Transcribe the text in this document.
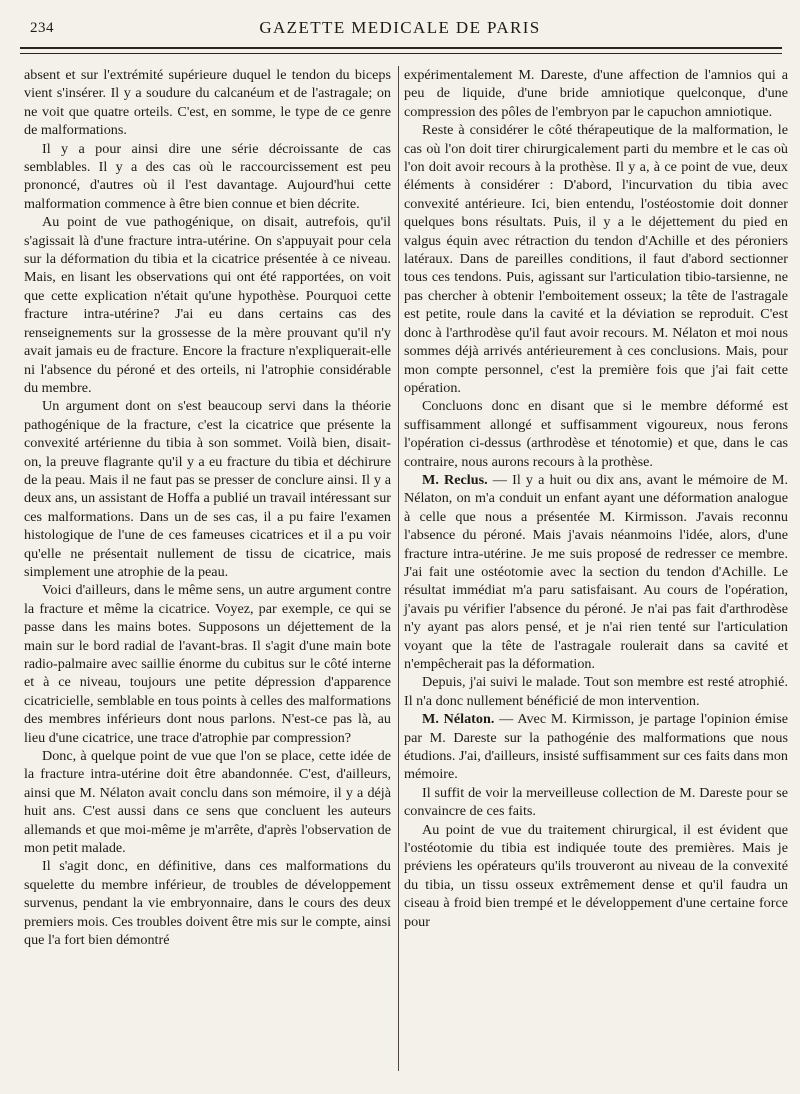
234	GAZETTE MEDICALE DE PARIS

absent et sur l'extrémité supérieure duquel le tendon du biceps vient s'insérer. Il y a soudure du calcanéum et de l'astragale; on ne voit que quatre orteils. C'est, en somme, le type de ce genre de malformations.

Il y a pour ainsi dire une série décroissante de cas semblables. Il y a des cas où le raccourcissement est peu prononcé, d'autres où il l'est davantage. Aujourd'hui cette malformation commence à être bien connue et bien décrite.

Au point de vue pathogénique, on disait, autrefois, qu'il s'agissait là d'une fracture intra-utérine. On s'appuyait pour cela sur la déformation du tibia et la cicatrice présentée à ce niveau. Mais, en lisant les observations qui ont été rapportées, on voit que cette explication n'était qu'une hypothèse. Pourquoi cette fracture intra-utérine? J'ai eu dans certains cas des renseignements sur la grossesse de la mère prouvant qu'il n'y avait jamais eu de fracture. Encore la fracture n'expliquerait-elle ni l'absence du péroné et des orteils, ni l'atrophie considérable du membre.

Un argument dont on s'est beaucoup servi dans la théorie pathogénique de la fracture, c'est la cicatrice que présente la convexité artérienne du tibia à son sommet. Voilà bien, disait-on, la preuve flagrante qu'il y a eu fracture du tibia et déchirure de la peau. Mais il ne faut pas se presser de conclure ainsi. Il y a deux ans, un assistant de Hoffa a publié un travail intéressant sur ces malformations. Dans un de ses cas, il a pu faire l'examen histologique de l'une de ces fameuses cicatrices et il a pu voir qu'elle ne présentait nullement de tissu de cicatrice, mais simplement une atrophie de la peau.

Voici d'ailleurs, dans le même sens, un autre argument contre la fracture et même la cicatrice. Voyez, par exemple, ce qui se passe dans les mains botes. Supposons un déjettement de la main sur le bord radial de l'avant-bras. Il s'agit d'une main bote radio-palmaire avec saillie énorme du cubitus sur le côté interne et à ce niveau, toujours une petite dépression d'apparence cicatricielle, semblable en tous points à celles des malformations des membres inférieurs dont nous parlons. N'est-ce pas là, au lieu d'une cicatrice, une trace d'atrophie par compression?

Donc, à quelque point de vue que l'on se place, cette idée de la fracture intra-utérine doit être abandonnée. C'est, d'ailleurs, ainsi que M. Nélaton avait conclu dans son mémoire, il y a déjà huit ans. C'est aussi dans ce sens que concluent les auteurs allemands et que moi-même je m'arrête, d'après l'observation de mon petit malade.

Il s'agit donc, en définitive, dans ces malformations du squelette du membre inférieur, de troubles de développement survenus, pendant la vie embryonnaire, dans le cours des deux premiers mois. Ces troubles doivent être mis sur le compte, ainsi que l'a fort bien démontré

expérimentalement M. Dareste, d'une affection de l'amnios qui a peu de liquide, d'une bride amniotique quelconque, d'une compression des pôles de l'embryon par le capuchon amniotique.

Reste à considérer le côté thérapeutique de la malformation, le cas où l'on doit tirer chirurgicalement parti du membre et le cas où l'on doit avoir recours à la prothèse. Il y a, à ce point de vue, deux éléments à considérer : D'abord, l'incurvation du tibia avec convexité antérieure. Ici, bien entendu, l'ostéostomie doit donner quelques bons résultats. Puis, il y a le déjettement du pied en valgus équin avec rétraction du tendon d'Achille et des péroniers latéraux. Dans de pareilles conditions, il faut d'abord sectionner tous ces tendons. Puis, agissant sur l'articulation tibio-tarsienne, ne pas chercher à obtenir l'emboitement osseux; la tête de l'astragale est petite, roule dans la cavité et la déviation se reproduit. C'est donc à l'arthrodèse qu'il faut avoir recours. M. Nélaton et moi nous sommes déjà arrivés antérieurement à ces conclusions. Mais, pour mon compte personnel, c'est la première fois que j'ai fait cette opération.

Concluons donc en disant que si le membre déformé est suffisamment allongé et suffisamment vigoureux, nous ferons l'opération ci-dessus (arthrodèse et ténotomie) et que, dans le cas contraire, nous aurons recours à la prothèse.

M. Reclus. — Il y a huit ou dix ans, avant le mémoire de M. Nélaton, on m'a conduit un enfant ayant une déformation analogue à celle que nous a présentée M. Kirmisson. J'avais reconnu l'absence du péroné. Mais j'avais néanmoins l'idée, alors, d'une fracture intra-utérine. Je me suis proposé de redresser ce membre. J'ai fait une ostéotomie avec la section du tendon d'Achille. Le résultat immédiat m'a paru satisfaisant. Au cours de l'opération, j'avais pu vérifier l'absence du péroné. Je n'ai pas fait d'arthrodèse n'y ayant pas alors pensé, et je n'ai rien tenté sur l'articulation voyant que la tête de l'astragale roulerait dans sa cavité et n'empêcherait pas la déformation.

Depuis, j'ai suivi le malade. Tout son membre est resté atrophié. Il n'a donc nullement bénéficié de mon intervention.

M. Nélaton. — Avec M. Kirmisson, je partage l'opinion émise par M. Dareste sur la pathogénie des malformations que nous étudions. J'ai, d'ailleurs, insisté suffisamment sur ces faits dans mon mémoire.

Il suffit de voir la merveilleuse collection de M. Dareste pour se convaincre de ces faits.

Au point de vue du traitement chirurgical, il est évident que l'ostéotomie du tibia est indiquée toute des premières. Mais je préviens les opérateurs qu'ils trouveront au niveau de la convexité du tibia, un tissu osseux extrêmement dense et qu'il faudra un ciseau à froid bien trempé et le développement d'une certaine force pour
